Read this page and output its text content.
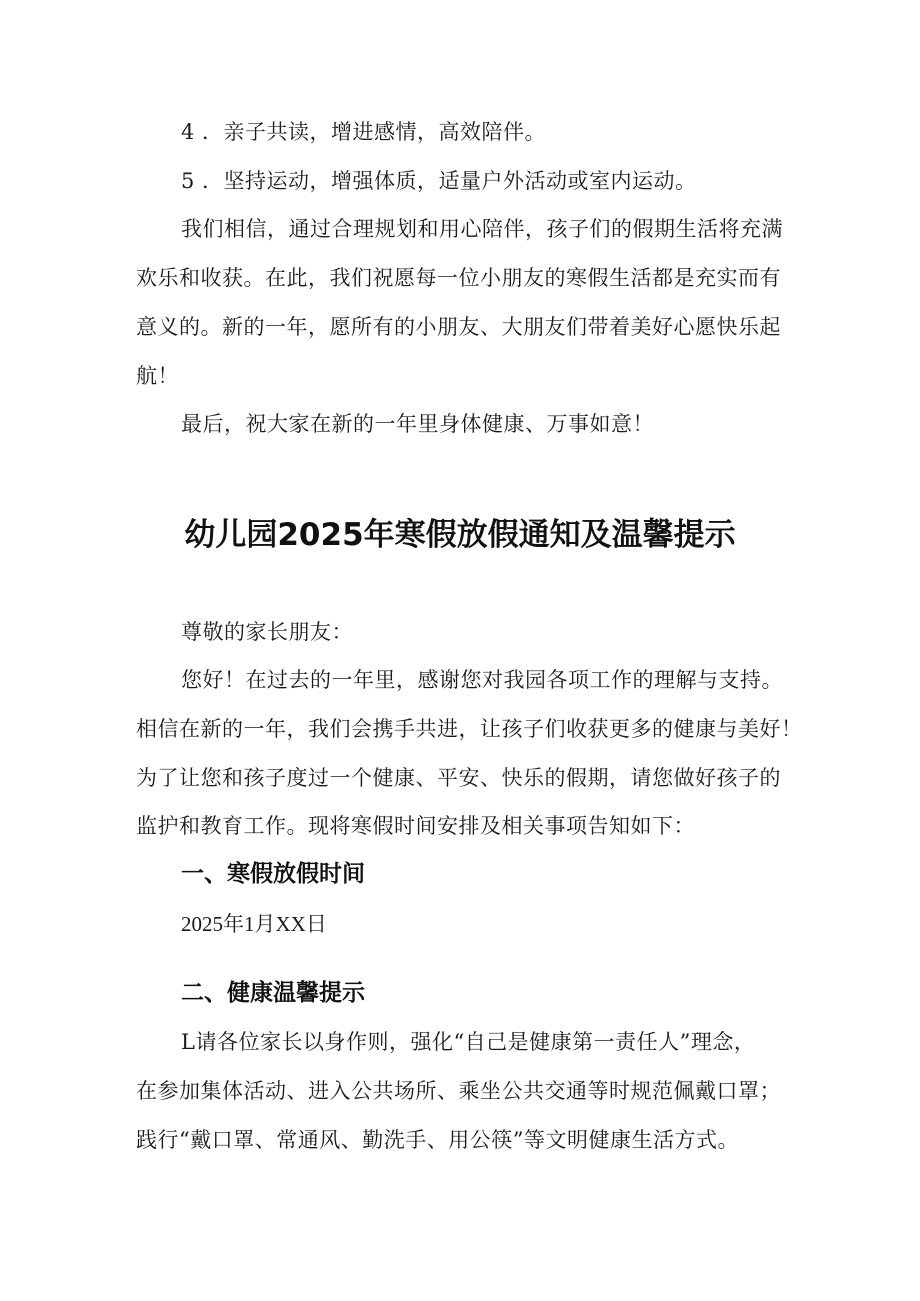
4 ．亲子共读，增进感情，高效陪伴。

5 ．坚持运动，增强体质，适量户外活动或室内运动。

我们相信，通过合理规划和用心陪伴，孩子们的假期生活将充满

欢乐和收获。在此，我们祝愿每一位小朋友的寒假生活都是充实而有

意义的。新的一年，愿所有的小朋友、大朋友们带着美好心愿快乐起

航！

最后，祝大家在新的一年里身体健康、万事如意！

幼儿园2025年寒假放假通知及温馨提示

尊敬的家长朋友：

您好！在过去的一年里，感谢您对我园各项工作的理解与支持。

相信在新的一年，我们会携手共进，让孩子们收获更多的健康与美好！

为了让您和孩子度过一个健康、平安、快乐的假期，请您做好孩子的

监护和教育工作。现将寒假时间安排及相关事项告知如下：

一、寒假放假时间

2025年1月XX日

二、健康温馨提示

L请各位家长以身作则，强化“自己是健康第一责任人”理念，

在参加集体活动、进入公共场所、乘坐公共交通等时规范佩戴口罩；

践行“戴口罩、常通风、勤洗手、用公筷”等文明健康生活方式。
